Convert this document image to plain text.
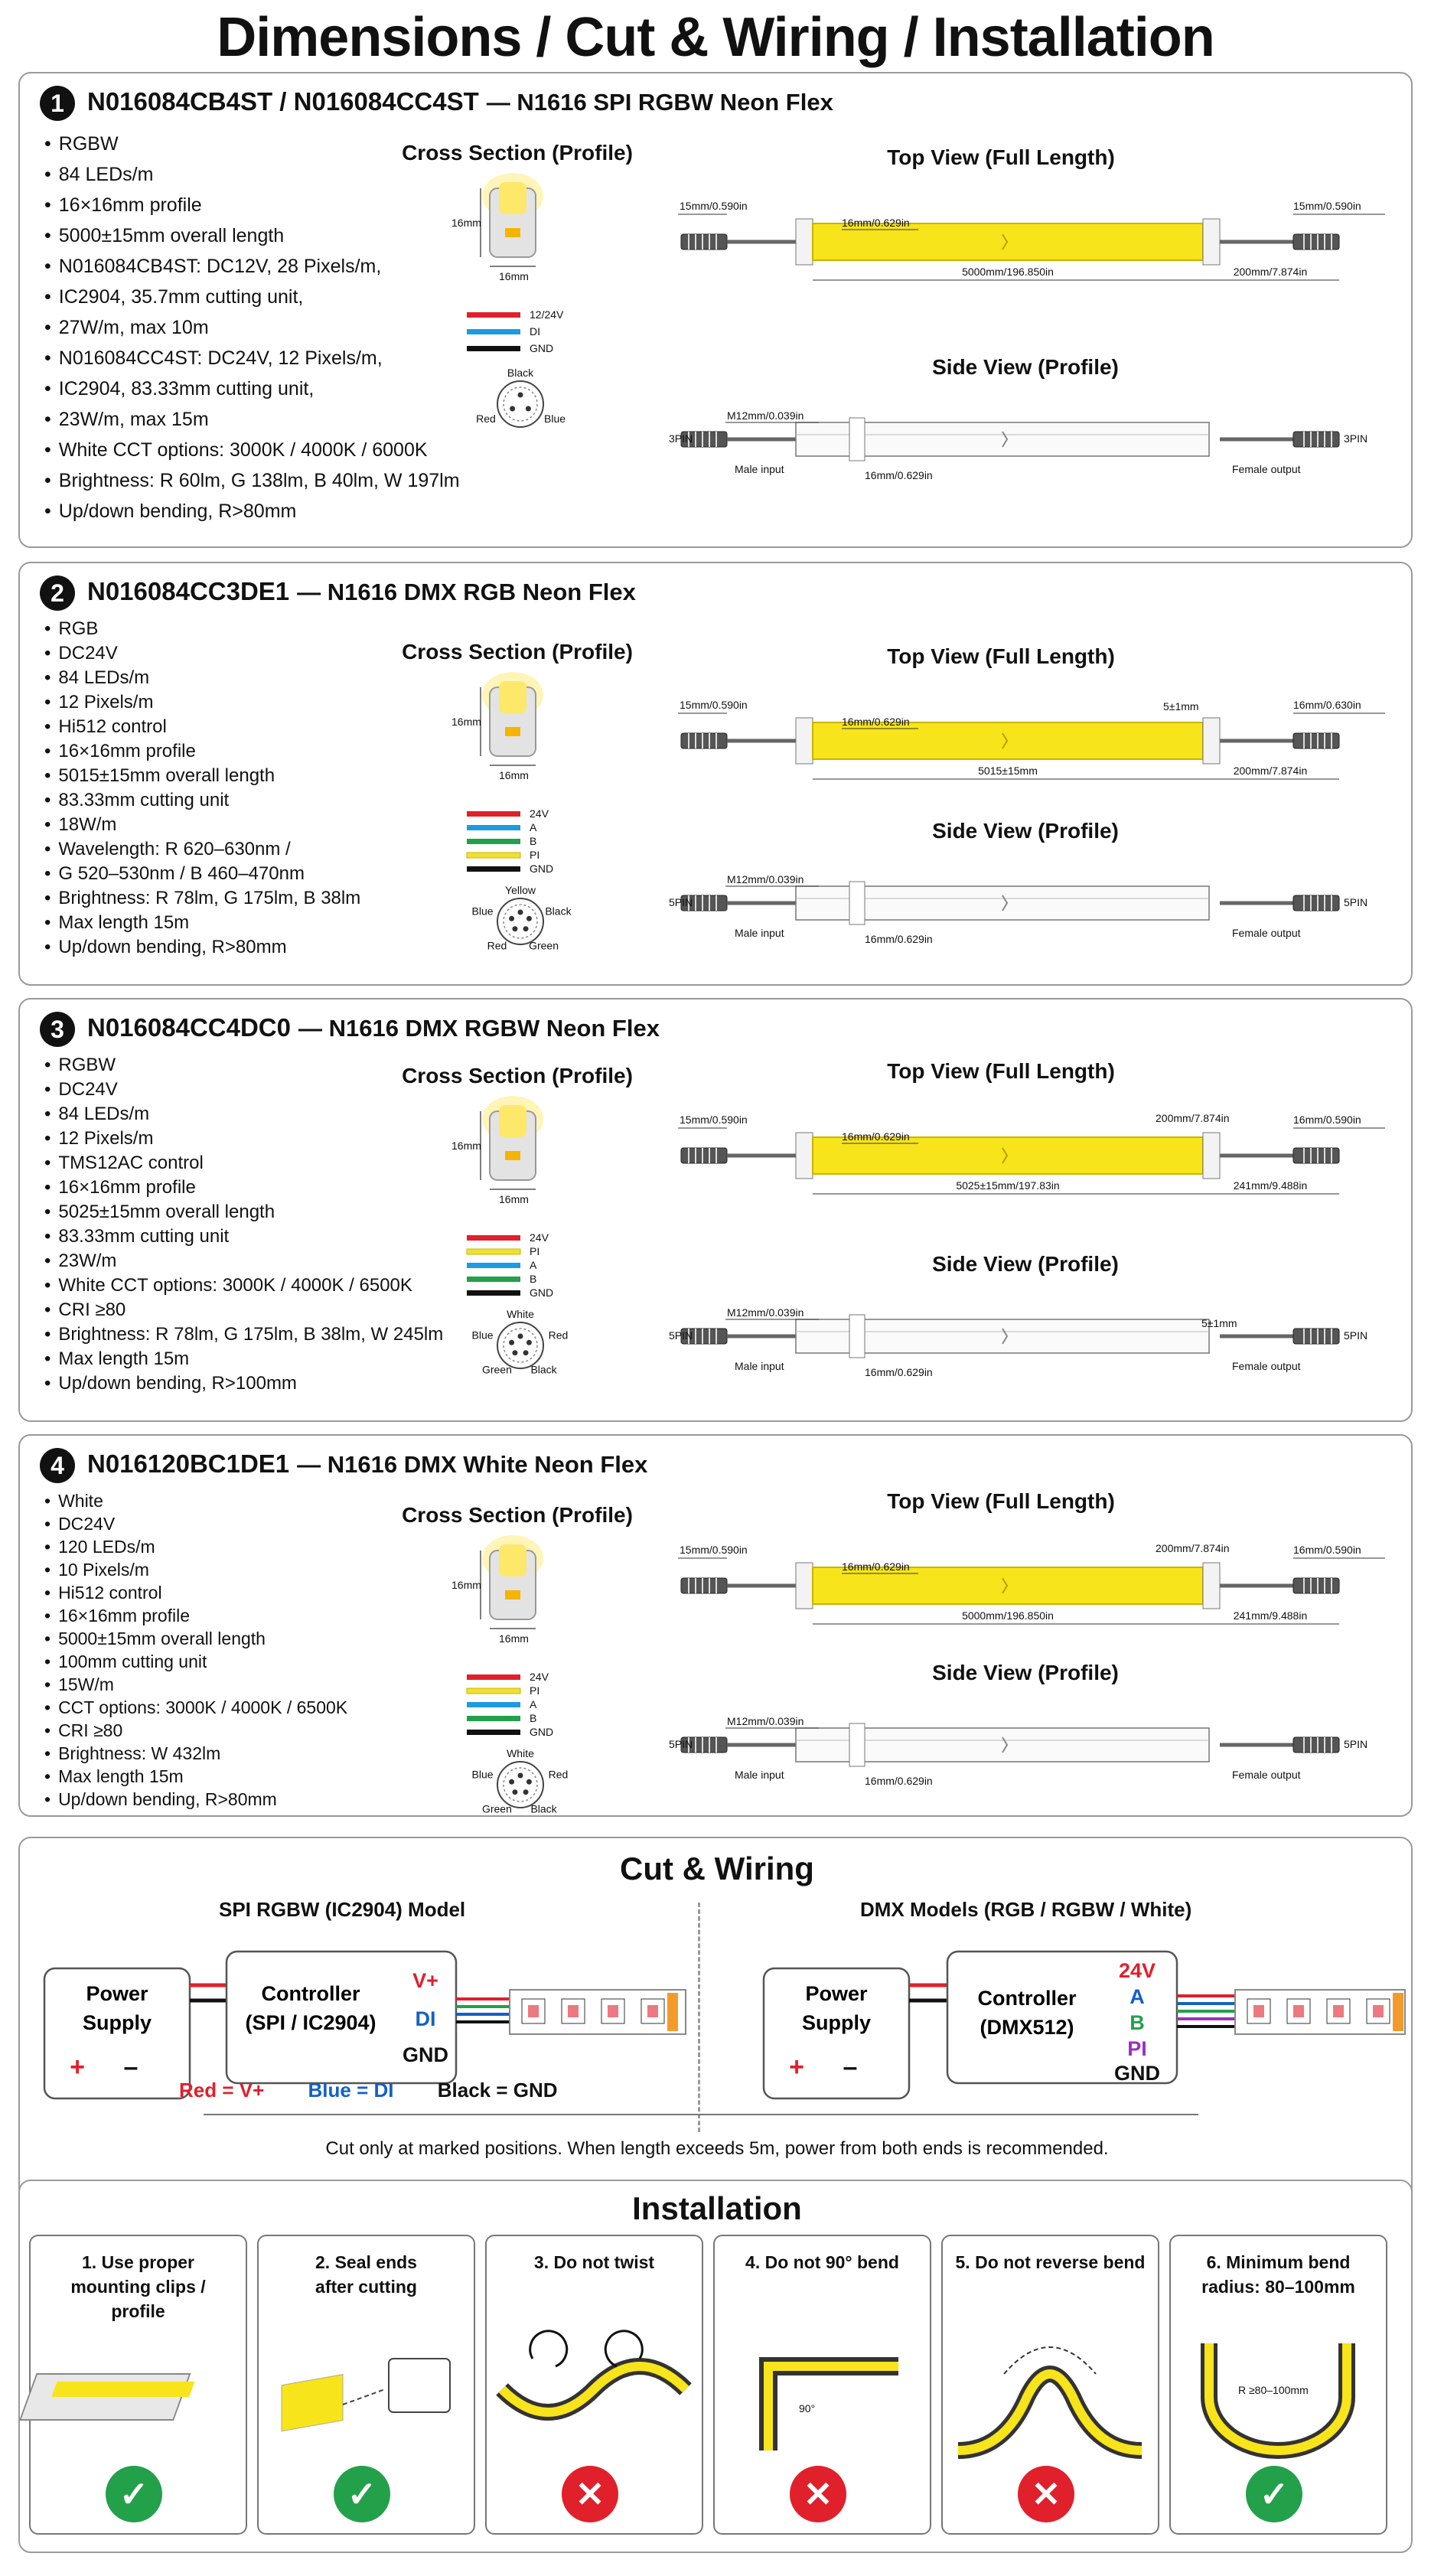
Dimensions / Cut & Wiring / Installation
Cut & Wiring
SPI RGBW (IC2904) Model	DMX Models (RGB / RGBW / White)
Power
Supply
+ –
Controller
(SPI / IC2904)
V+
DI
GND
Power
Supply
+ –
Controller
(DMX512)
24V
A
B
PI
GND
Red = V+ Blue = DI Black = GND
Cut only at marked positions. When length exceeds 5m, power from both ends is recommended.
Installation
1. Use proper
mounting clips /
profile
✓
2. Seal ends
after cutting
✓
3. Do not twist
✕
4. Do not 90° bend
90°
✕
5. Do not reverse bend
✕
6. Minimum bend
radius: 80–100mm
R ≥80–100mm
✓
1 N016084CB4ST / N016084CC4ST — N1616 SPI RGBW Neon Flex
• RGBW
• 84 LEDs/m
• 16×16mm profile
• 5000±15mm overall length
• N016084CB4ST: DC12V, 28 Pixels/m,
• IC2904, 35.7mm cutting unit,
• 27W/m, max 10m
• N016084CC4ST: DC24V, 12 Pixels/m,
• IC2904, 83.33mm cutting unit,
• 23W/m, max 15m
• White CCT options: 3000K / 4000K / 6000K
• Brightness: R 60lm, G 138lm, B 40lm, W 197lm
• Up/down bending, R>80mm
Cross Section (Profile)	Top View (Full Length)
Side View (Profile)
16mm
16mm
12/24V
DI
GND
Black
Blue
Red
15mm/0.590in	15mm/0.590in
16mm/0.629in
5000mm/196.850in	200mm/7.874in
3PIN	3PIN
M12mm/0.039in
Male input	16mm/0.629in	Female output
2 N016084CC3DE1 — N1616 DMX RGB Neon Flex
• RGB
• DC24V
• 84 LEDs/m
• 12 Pixels/m
• Hi512 control
• 16×16mm profile
• 5015±15mm overall length
• 83.33mm cutting unit
• 18W/m
• Wavelength: R 620–630nm /
• G 520–530nm / B 460–470nm
• Brightness: R 78lm, G 175lm, B 38lm
• Max length 15m
• Up/down bending, R>80mm
Cross Section (Profile)	Top View (Full Length)
Side View (Profile)
16mm
16mm
24V
A
B
PI
GND
Yellow
Black
Green
Red
Blue
15mm/0.590in	16mm/0.630in
16mm/0.629in
5015±15mm	200mm/7.874in
5±1mm
5PIN	5PIN
M12mm/0.039in
Male input	16mm/0.629in	Female output
3 N016084CC4DC0 — N1616 DMX RGBW Neon Flex
• RGBW
• DC24V
• 84 LEDs/m
• 12 Pixels/m
• TMS12AC control
• 16×16mm profile
• 5025±15mm overall length
• 83.33mm cutting unit
• 23W/m
• White CCT options: 3000K / 4000K / 6500K
• CRI ≥80
• Brightness: R 78lm, G 175lm, B 38lm, W 245lm
• Max length 15m
• Up/down bending, R>100mm
Cross Section (Profile)	Top View (Full Length)
Side View (Profile)
16mm
16mm
24V
PI
A
B
GND
White
Red
Black
Green
Blue
15mm/0.590in	16mm/0.590in
16mm/0.629in
5025±15mm/197.83in	241mm/9.488in
200mm/7.874in
5PIN	5PIN
M12mm/0.039in
Male input	16mm/0.629in	Female output
5±1mm
4 N016120BC1DE1 — N1616 DMX White Neon Flex
• White
• DC24V
• 120 LEDs/m
• 10 Pixels/m
• Hi512 control
• 16×16mm profile
• 5000±15mm overall length
• 100mm cutting unit
• 15W/m
• CCT options: 3000K / 4000K / 6500K
• CRI ≥80
• Brightness: W 432lm
• Max length 15m
• Up/down bending, R>80mm
Cross Section (Profile)
Top View (Full Length)
Side View (Profile)
16mm
16mm
24V
PI
A
B
GND
White
Red
Black
Green
Blue
15mm/0.590in	16mm/0.590in
16mm/0.629in
5000mm/196.850in	241mm/9.488in
200mm/7.874in
5PIN	5PIN
M12mm/0.039in
Male input	16mm/0.629in	Female output
